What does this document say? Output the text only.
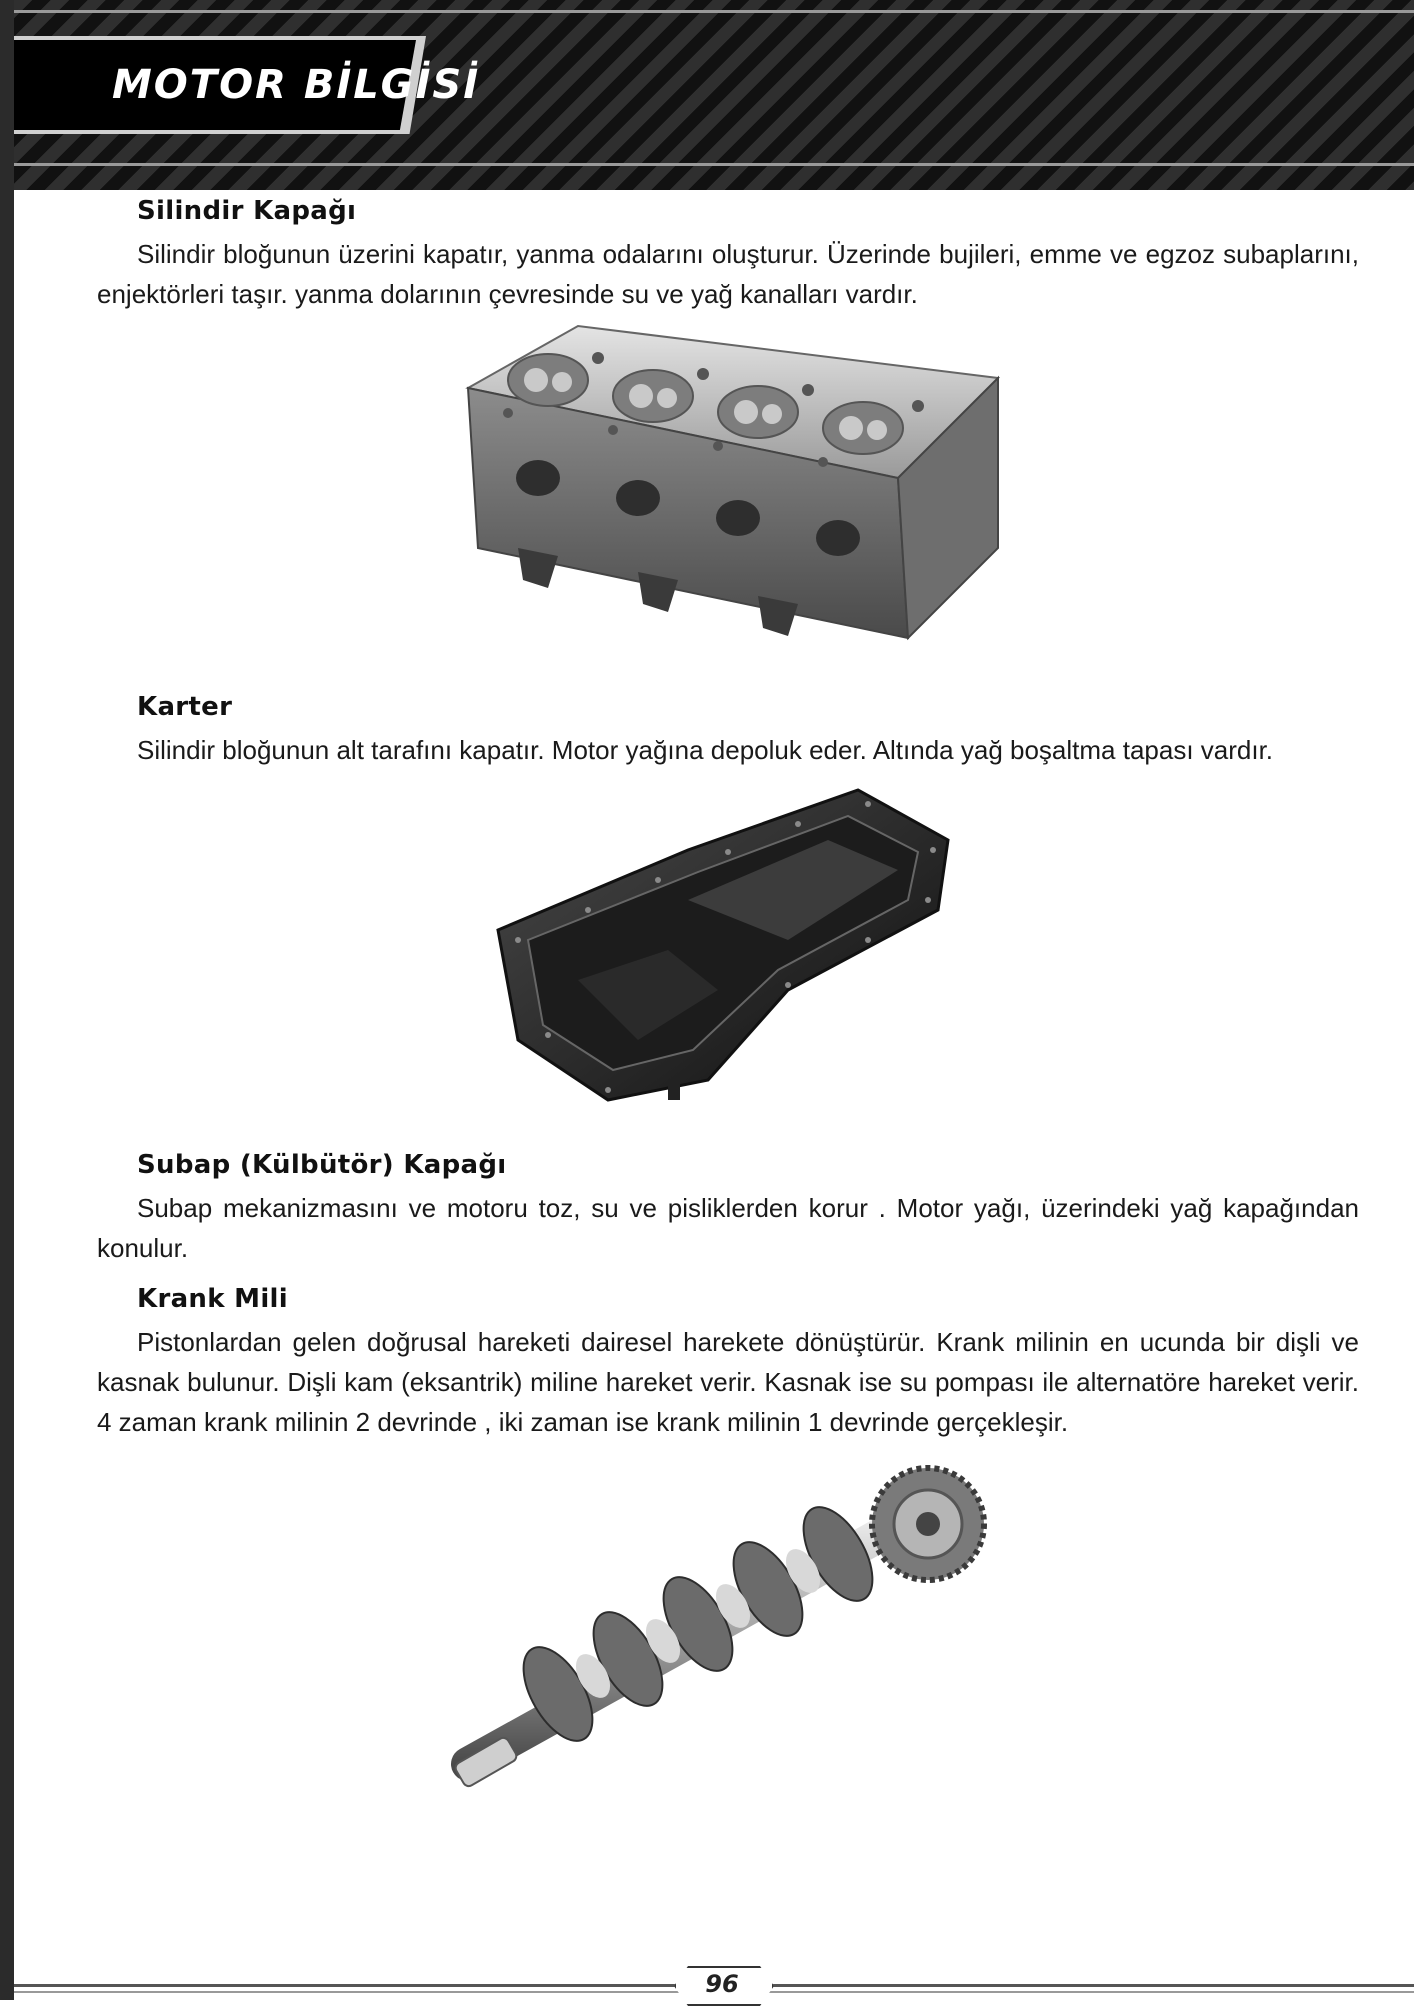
MOTOR BİLGİSİ
Silindir Kapağı

Silindir bloğunun üzerini kapatır, yanma odalarını oluşturur. Üzerinde bujileri, emme ve egzoz subaplarını, enjektörleri taşır. yanma dolarının çevresinde su ve yağ kanalları vardır.

Karter

Silindir bloğunun alt tarafını kapatır. Motor yağına depoluk eder. Altında yağ boşaltma tapası vardır.

Subap (Külbütör) Kapağı

Subap mekanizmasını ve motoru toz, su ve pisliklerden korur . Motor yağı, üzerindeki yağ kapağından konulur.

Krank Mili

Pistonlardan gelen doğrusal hareketi dairesel harekete dönüştürür. Krank milinin en ucunda bir dişli ve kasnak bulunur. Dişli kam (eksantrik) miline hareket verir. Kasnak ise su pompası ile alternatöre hareket verir. 4 zaman krank milinin 2 devrinde , iki zaman ise krank milinin 1 devrinde gerçekleşir.

96
